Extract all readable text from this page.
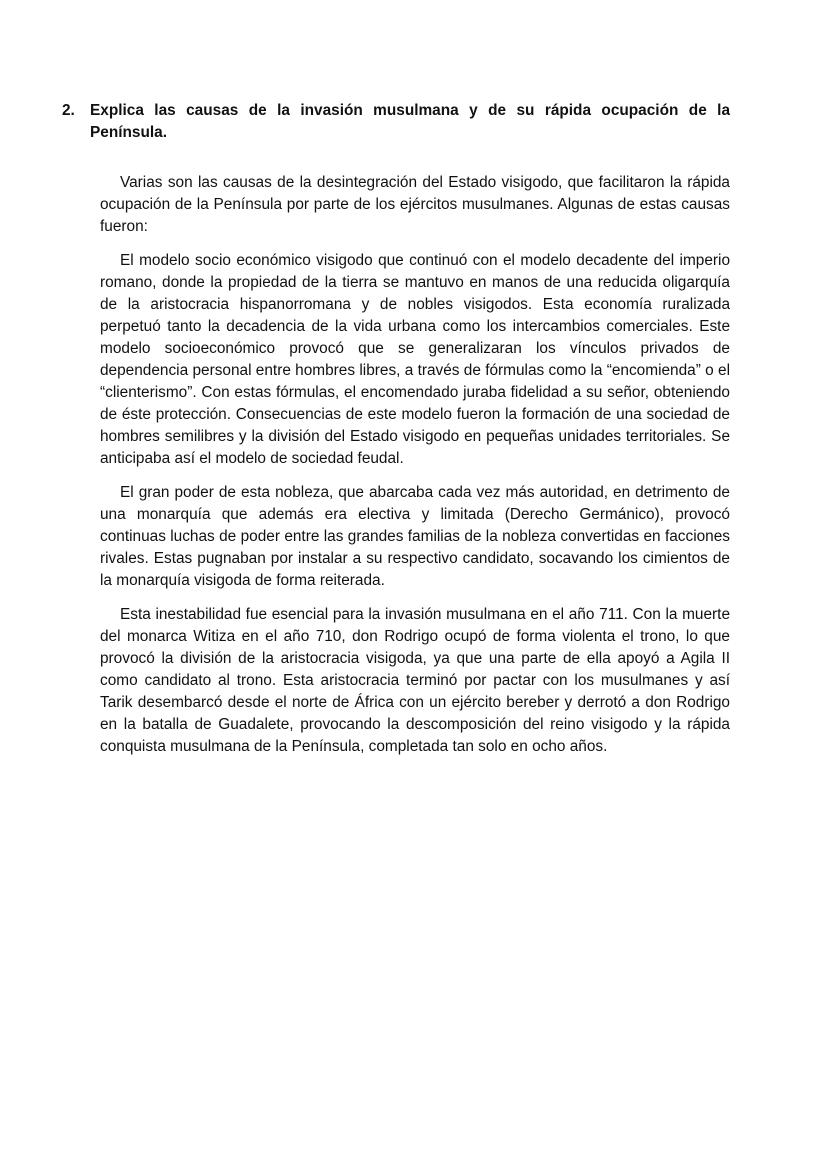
2. Explica las causas de la invasión musulmana y de su rápida ocupación de la Península.

Varias son las causas de la desintegración del Estado visigodo, que facilitaron la rápida ocupación de la Península por parte de los ejércitos musulmanes. Algunas de estas causas fueron:

El modelo socio económico visigodo que continuó con el modelo decadente del imperio romano, donde la propiedad de la tierra se mantuvo en manos de una reducida oligarquía de la aristocracia hispanorromana y de nobles visigodos. Esta economía ruralizada perpetuó tanto la decadencia de la vida urbana como los intercambios comerciales. Este modelo socioeconómico provocó que se generalizaran los vínculos privados de dependencia personal entre hombres libres, a través de fórmulas como la “encomienda” o el “clienterismo”. Con estas fórmulas, el encomendado juraba fidelidad a su señor, obteniendo de éste protección. Consecuencias de este modelo fueron la formación de una sociedad de hombres semilibres y la división del Estado visigodo en pequeñas unidades territoriales. Se anticipaba así el modelo de sociedad feudal.

El gran poder de esta nobleza, que abarcaba cada vez más autoridad, en detrimento de una monarquía que además era electiva y limitada (Derecho Germánico), provocó continuas luchas de poder entre las grandes familias de la nobleza convertidas en facciones rivales. Estas pugnaban por instalar a su respectivo candidato, socavando los cimientos de la monarquía visigoda de forma reiterada.

Esta inestabilidad fue esencial para la invasión musulmana en el año 711. Con la muerte del monarca Witiza en el año 710, don Rodrigo ocupó de forma violenta el trono, lo que provocó la división de la aristocracia visigoda, ya que una parte de ella apoyó a Agila II como candidato al trono. Esta aristocracia terminó por pactar con los musulmanes y así Tarik desembarcó desde el norte de África con un ejército bereber y derrotó a don Rodrigo en la batalla de Guadalete, provocando la descomposición del reino visigodo y la rápida conquista musulmana de la Península, completada tan solo en ocho años.
